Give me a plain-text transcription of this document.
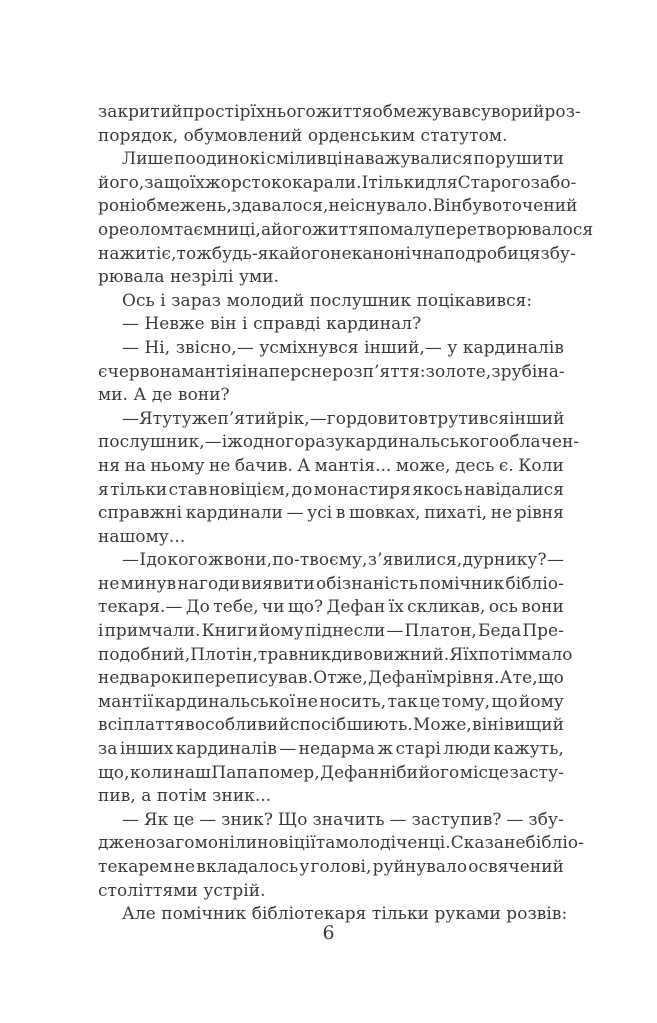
закритий простір їхнього життя обмежував суворий роз-
порядок, обумовлений орденським статутом.
Лише поодинокі сміливці наважувалися порушити
його, за що їх жорстоко карали. І тільки для Старого забо-
рон і обмежень, здавалося, не існувало. Він був оточений
ореолом таємниці, а його життя помалу перетворювалося
на житіє, тож будь-яка його неканонічна подробиця збу-
рювала незрілі уми.
Ось і зараз молодий послушник поцікавився:
— Невже він і справді кардинал?
— Ні, звісно,— усміхнувся інший,— у кардиналів
є червона мантія і наперсне розп’яття: золоте, з рубіна-
ми. А де вони?
— Я тут уже п’ятий рік,— гордовито втрутився інший
послушник,— і жодного разу кардинальського облачен-
ня на ньому не бачив. А мантія... може, десь є. Коли
я тільки став новіцієм, до монастиря якось навідалися
справжні кардинали — усі в шовках, пихаті, не рівня
нашому...
— І до кого ж вони, по-твоєму, з’явилися, дурнику? —
не минув нагоди виявити обізнаність помічник бібліо-
текаря.— До тебе, чи що? Дефан їх скликав, ось вони
і примчали. Книги йому піднесли — Платон, Беда Пре-
подобний, Плотін, травник дивовижний. Я їх потім мало
не два роки переписував. Отже, Дефан їм рівня. А те, що
мантії кардинальської не носить, так це тому, що йому
всі плаття в особливий спосіб шиють. Може, він і вищий
за інших кардиналів — недарма ж старі люди кажуть,
що, коли наш Папа помер, Дефан ніби його місце засту-
пив, а потім зник...
— Як це — зник? Що значить — заступив? — збу-
джено загомоніли новіції та молоді ченці. Сказане бібліо-
текарем не вкладалось у голові, руйнувало освячений
століттями устрій.
Але помічник бібліотекаря тільки руками розвів:
6
